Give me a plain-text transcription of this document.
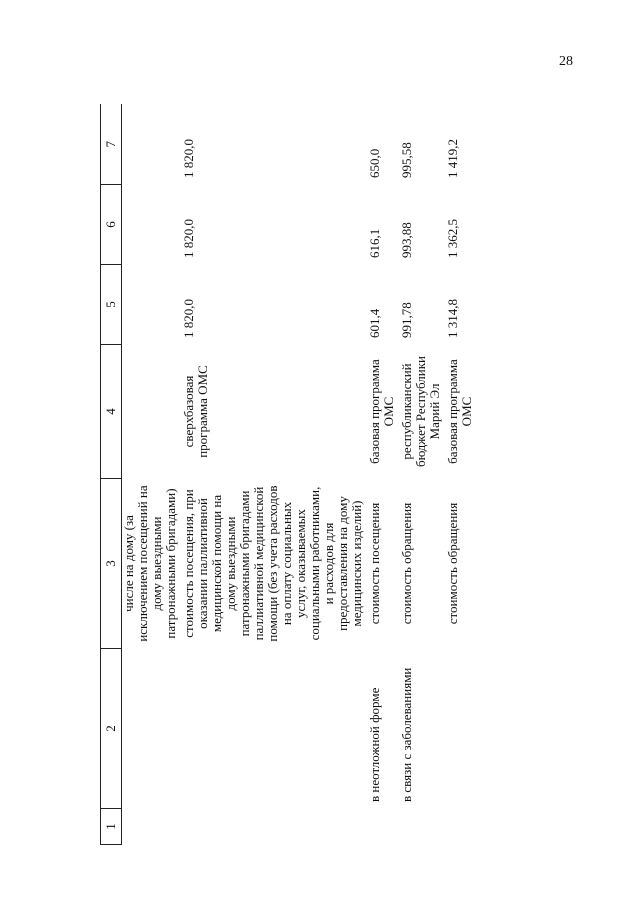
28
1	2	3	4	5	6	7
		числе на дому (за исключением посещений на дому выездными патронажными бригадами)				
		стоимость посещения, при оказании паллиативной медицинской помощи на дому выездными патронажными бригадами паллиативной медицинской помощи (без учета расходов на оплату социальных услуг, оказываемых социальными работниками, и расходов для предоставления на дому медицинских изделий)	сверхбазовая программа ОМС	1 820,0	1 820,0	1 820,0
	в неотложной форме	стоимость посещения	базовая программа ОМС	601,4	616,1	650,0
	в связи с заболеваниями	стоимость обращения	республиканский бюджет Республики Марий Эл	991,78	993,88	995,58
		стоимость обращения	базовая программа ОМС	1 314,8	1 362,5	1 419,2
